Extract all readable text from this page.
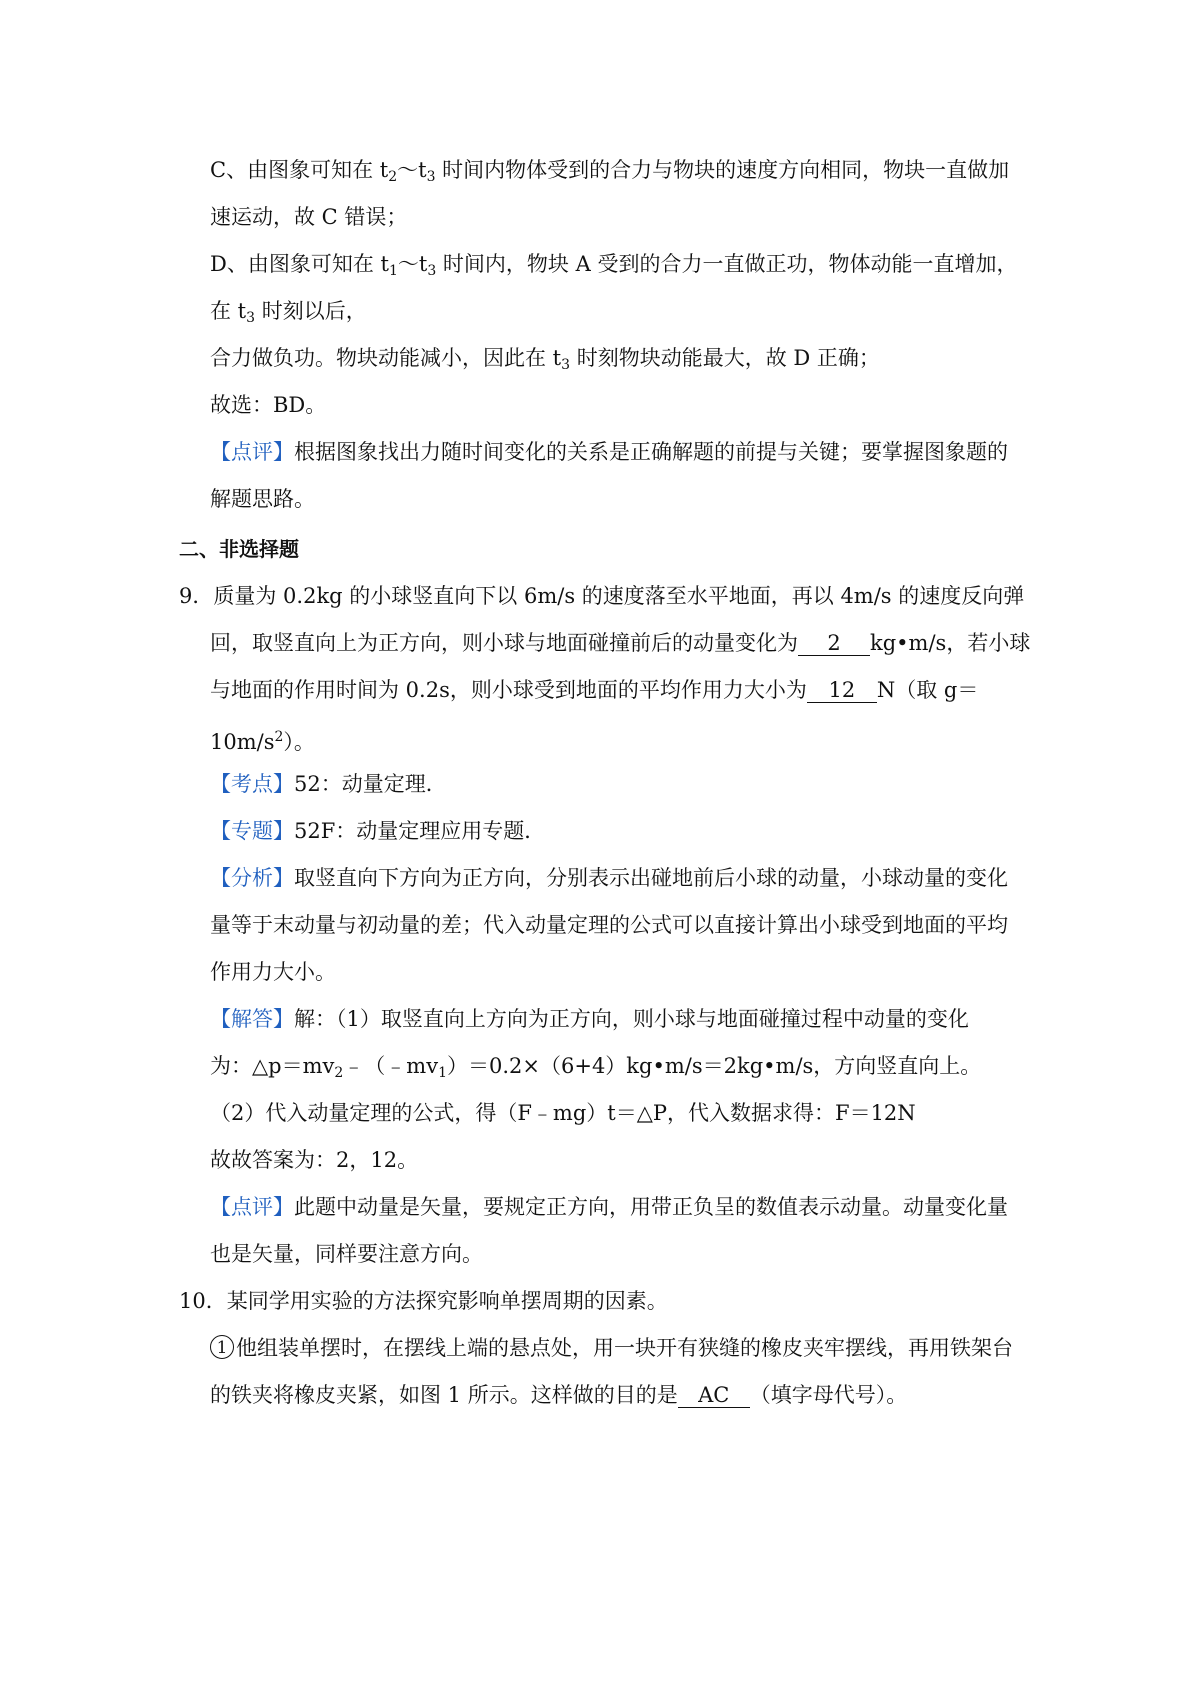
C、由图象可知在 $t_2\sim t_3$ 时间内物体受到的合力与物块的速度方向相同，物块一直做加
速运动，故 C 错误；
D、由图象可知在 $t_1\sim t_3$ 时间内，物块 A 受到的合力一直做正功，物体动能一直增加，
在 $t_3$ 时刻以后，
合力做负功。物块动能减小，因此在 $t_3$ 时刻物块动能最大，故 D 正确；
故选：BD。
【点评】根据图象找出力随时间变化的关系是正确解题的前提与关键；要掌握图象题的
解题思路。
二、非选择题
9．质量为 0.2kg 的小球竖直向下以 6m/s 的速度落至水平地面，再以 4m/s 的速度反向弹
回，取竖直向上为正方向，则小球与地面碰撞前后的动量变化为 2 kg•m/s，若小球
与地面的作用时间为 0.2s，则小球受到地面的平均作用力大小为 12 N（取 g＝
$10m/s^2$）。
【考点】52：动量定理．
【专题】52F：动量定理应用专题．
【分析】取竖直向下方向为正方向，分别表示出碰地前后小球的动量，小球动量的变化
量等于末动量与初动量的差；代入动量定理的公式可以直接计算出小球受到地面的平均
作用力大小。
【解答】解：（1）取竖直向上方向为正方向，则小球与地面碰撞过程中动量的变化
为：$\triangle p=mv_2﹣(﹣mv_1)=0.2\times(6+4)kg•m/s=2kg•m/s$，方向竖直向上。
（2）代入动量定理的公式，得（F﹣mg）t＝△P，代入数据求得：F＝12N
故故答案为：2，12。
【点评】此题中动量是矢量，要规定正方向，用带正负呈的数值表示动量。动量变化量
也是矢量，同样要注意方向。
10．某同学用实验的方法探究影响单摆周期的因素。
1 他组装单摆时，在摆线上端的悬点处，用一块开有狭缝的橡皮夹牢摆线，再用铁架台
的铁夹将橡皮夹紧，如图 1 所示。这样做的目的是 AC （填字母代号）。
